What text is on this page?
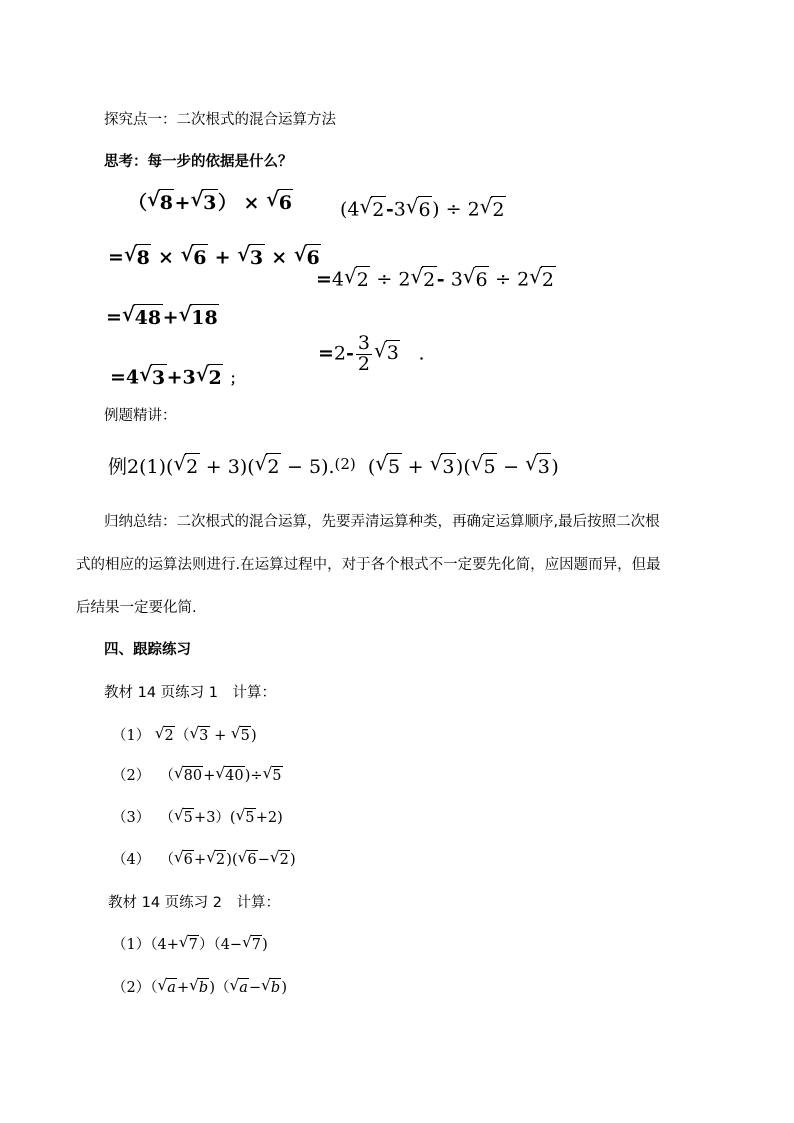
探究点一：二次根式的混合运算方法
思考：每一步的依据是什么？
（ √ 8+ √ 3） × √ 6
= √ 8 × √ 6 + √ 3 × √ 6
= √ 48+ √ 18
=4 √ 3+3 √ 2 ；
(4 √ 2-3 √ 6) ÷ 2 √ 2
=4 √ 2 ÷ 2 √ 2- 3 √ 6 ÷ 2 √ 2
$=2- \frac{3}{2}$ √ 3 .
例题精讲：
例2(1)( √ 2 + 3)( √ 2 − 5).$^{(2)}$  ( √ 5 + √ 3)( √ 5 − √ 3)
归纳总结：二次根式的混合运算，先要弄清运算种类，再确定运算顺序,最后按照二次根
式的相应的运算法则进行.在运算过程中，对于各个根式不一定要先化简，应因题而异，但最
后结果一定要化简.
四、跟踪练习
教材 14 页练习 1　计算：
（1） √ 2（ √ 3 + √ 5)
（2）  （ √ 80+ √ 40)÷ √ 5
（3）  （ √ 5+3）( √ 5+2)
（4）  （ √ 6+ √ 2)( √ 6− √ 2)
教材 14 页练习 2　计算：
（1）（4+ √ 7）（4− √ 7)
（2）（ √ a+ √ b)（ √ a− √ b)
